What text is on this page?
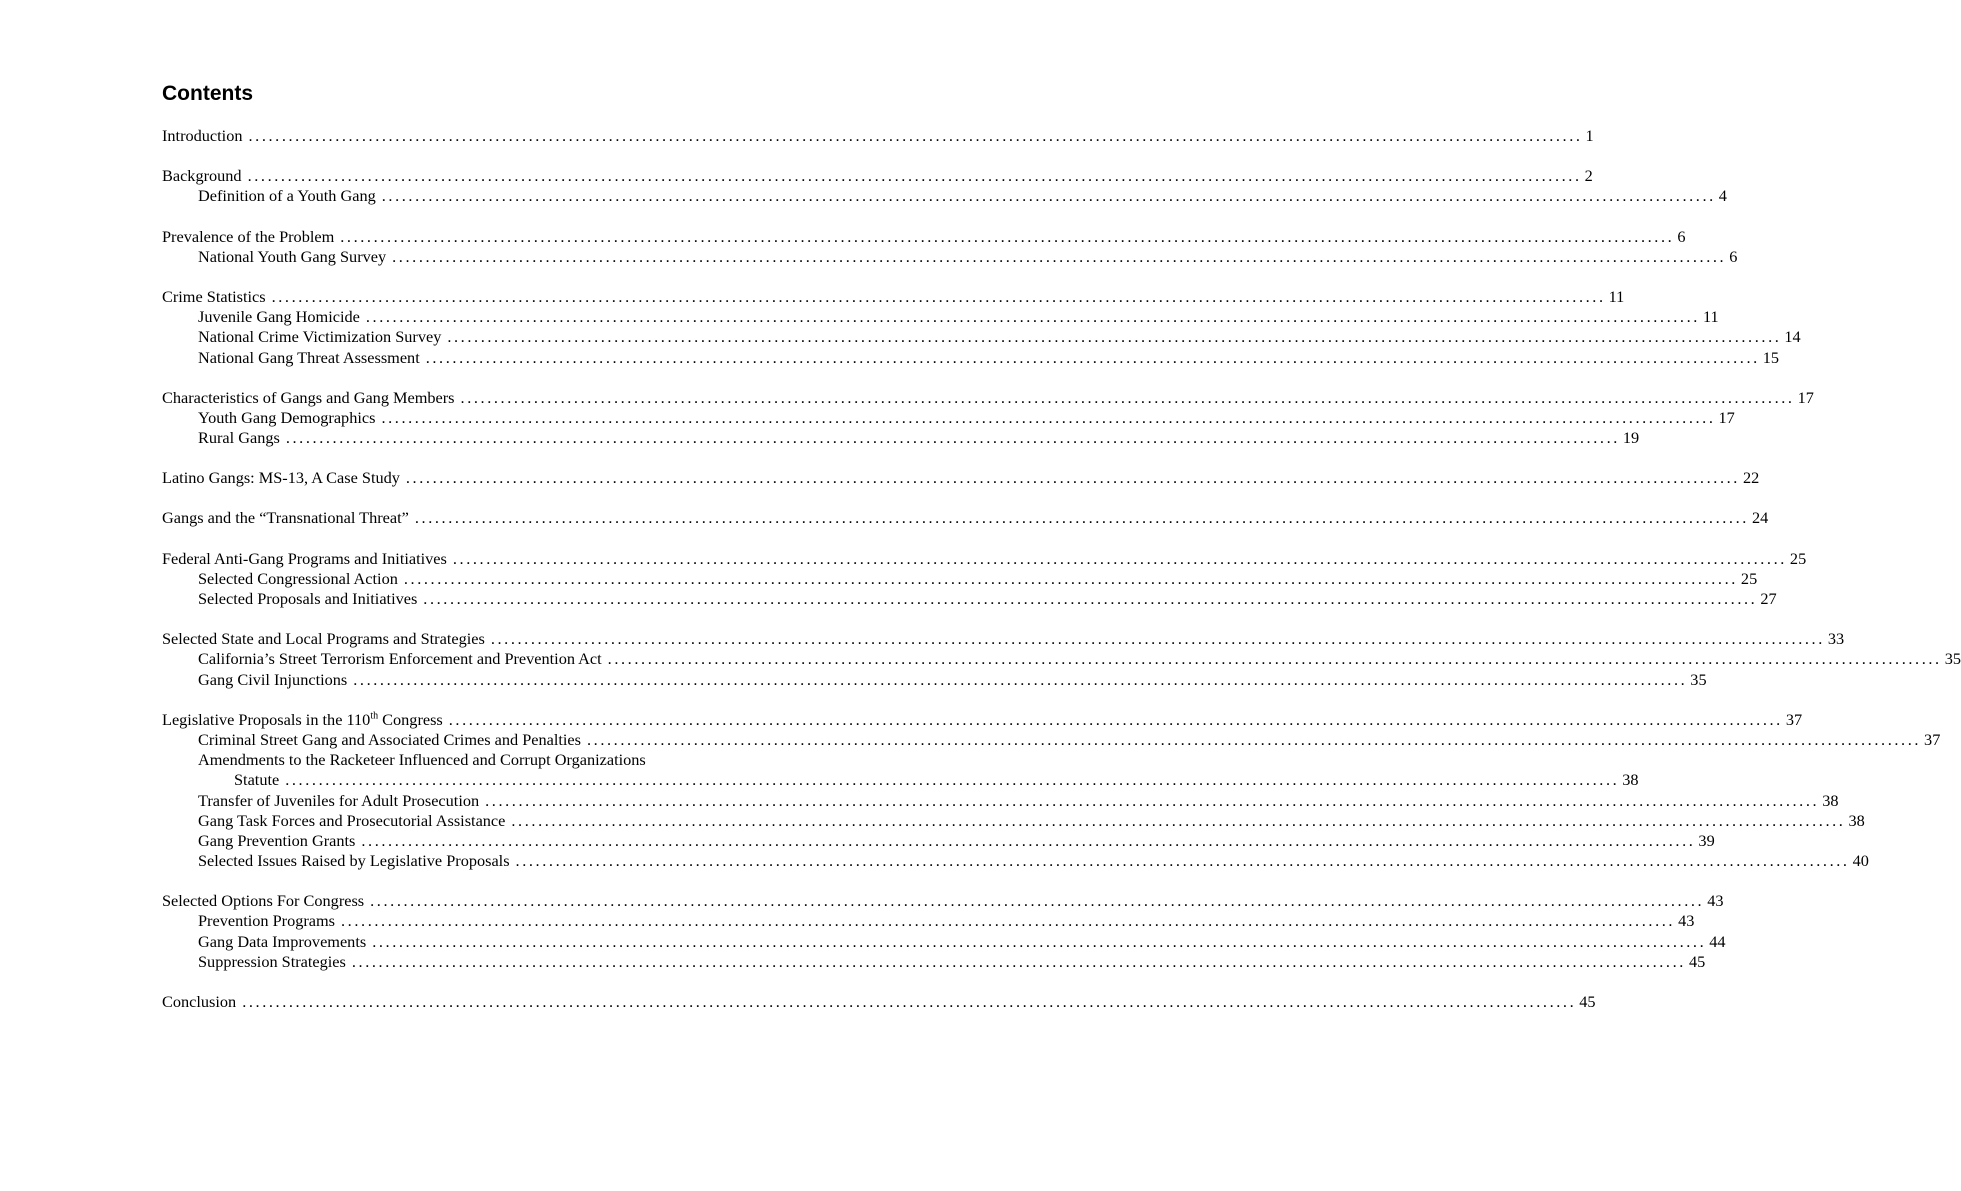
Contents
Introduction ........................................................................................................................................................................................................ 1
Background ........................................................................................................................................................................................................ 2
Definition of a Youth Gang ........................................................................................................................................................................................................ 4
Prevalence of the Problem ........................................................................................................................................................................................................ 6
National Youth Gang Survey ........................................................................................................................................................................................................ 6
Crime Statistics ........................................................................................................................................................................................................ 11
Juvenile Gang Homicide ........................................................................................................................................................................................................ 11
National Crime Victimization Survey ........................................................................................................................................................................................................ 14
National Gang Threat Assessment ........................................................................................................................................................................................................ 15
Characteristics of Gangs and Gang Members ........................................................................................................................................................................................................ 17
Youth Gang Demographics ........................................................................................................................................................................................................ 17
Rural Gangs ........................................................................................................................................................................................................ 19
Latino Gangs: MS-13, A Case Study ........................................................................................................................................................................................................ 22
Gangs and the “Transnational Threat” ........................................................................................................................................................................................................ 24
Federal Anti-Gang Programs and Initiatives ........................................................................................................................................................................................................ 25
Selected Congressional Action ........................................................................................................................................................................................................ 25
Selected Proposals and Initiatives ........................................................................................................................................................................................................ 27
Selected State and Local Programs and Strategies ........................................................................................................................................................................................................ 33
California’s Street Terrorism Enforcement and Prevention Act ........................................................................................................................................................................................................ 35
Gang Civil Injunctions ........................................................................................................................................................................................................ 35
Legislative Proposals in the 110th Congress ........................................................................................................................................................................................................ 37
Criminal Street Gang and Associated Crimes and Penalties ........................................................................................................................................................................................................ 37
Amendments to the Racketeer Influenced and Corrupt Organizations
Statute ........................................................................................................................................................................................................ 38
Transfer of Juveniles for Adult Prosecution ........................................................................................................................................................................................................ 38
Gang Task Forces and Prosecutorial Assistance ........................................................................................................................................................................................................ 38
Gang Prevention Grants ........................................................................................................................................................................................................ 39
Selected Issues Raised by Legislative Proposals ........................................................................................................................................................................................................ 40
Selected Options For Congress ........................................................................................................................................................................................................ 43
Prevention Programs ........................................................................................................................................................................................................ 43
Gang Data Improvements ........................................................................................................................................................................................................ 44
Suppression Strategies ........................................................................................................................................................................................................ 45
Conclusion ........................................................................................................................................................................................................ 45
